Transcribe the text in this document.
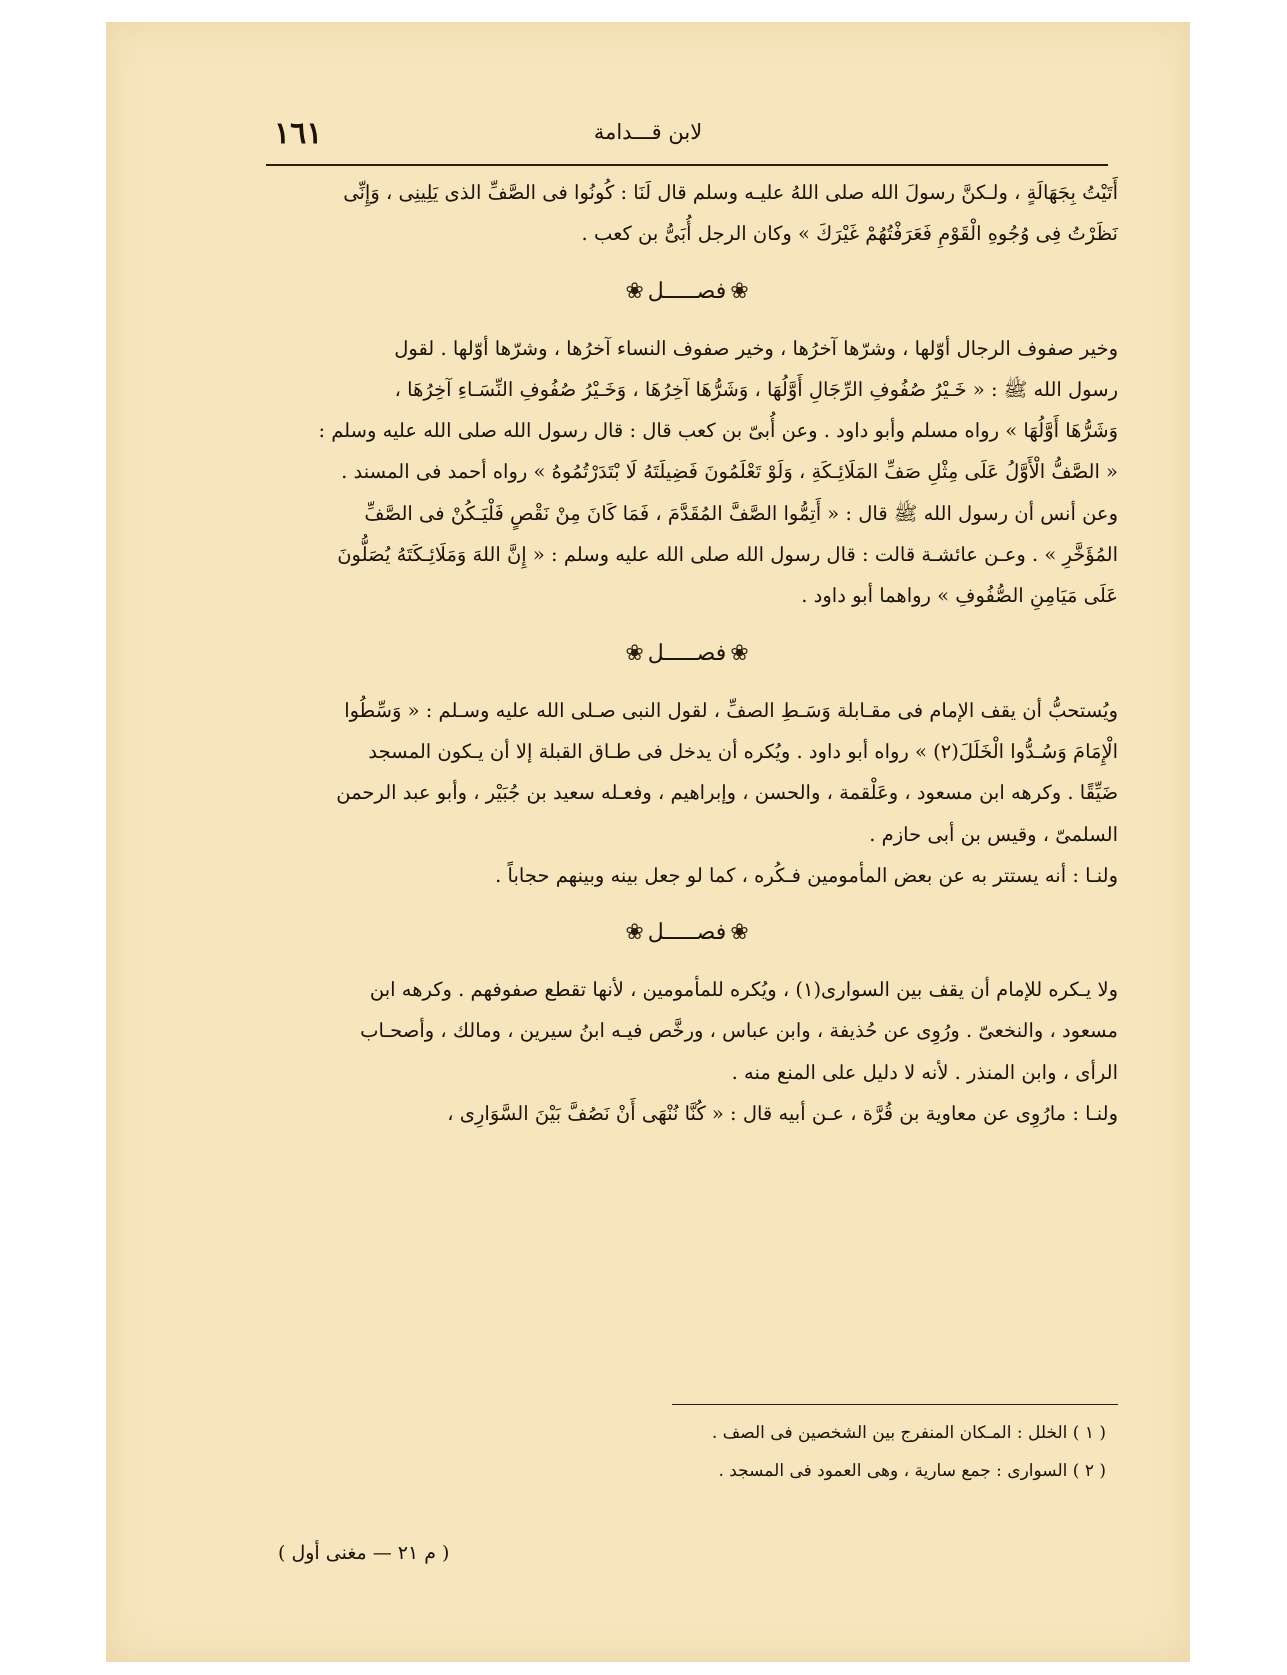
١٦١	لابن قـــدامة
أَتَيْتُ بِجَهَالَةٍ ، ولـكنَّ رسولَ الله صلى اللهُ عليـه وسلم قال لَنَا : كُونُوا فى الصَّفِّ الذى يَلِينِى ، وَإِنِّى
نَظَرْتُ فِى وُجُوهِ الْقَوْمِ فَعَرَفْتُهُمْ غَيْرَكَ » وكان الرجل أُبَىُّ بن كعب .
❀فصـــــل❀
وخير صفوف الرجال أوّلها ، وشرّها آخرُها ، وخير صفوف النساء آخرُها ، وشرّها أوّلها . لقول
رسول الله ﷺ : « خَـيْرُ صُفُوفِ الرِّجَالِ أَوَّلُهَا ، وَشَرُّهَا آخِرُهَا ، وَخَـيْرُ صُفُوفِ النِّسَـاءِ آخِرُهَا ،
وَشَرُّهَا أَوَّلُهَا » رواه مسلم وأبو داود . وعن أُبىّ بن كعب قال : قال رسول الله صلى الله عليه وسلم :
« الصَّفُّ الْأَوَّلُ عَلَى مِثْلِ صَفِّ المَلَائِـكَةِ ، وَلَوْ تَعْلَمُونَ فَضِيلَتَهُ لَا بْتَدَرْتُمُوهُ » رواه أحمد فى المسند .
وعن أنس أن رسول الله ﷺ قال : « أَتِمُّوا الصَّفَّ المُقَدَّمَ ، فَمَا كَانَ مِنْ نَقْصٍ فَلْيَـكُنْ فى الصَّفِّ
المُؤَخَّرِ » . وعـن عائشـة قالت : قال رسول الله صلى الله عليه وسلم : « إِنَّ اللهَ وَمَلَائِـكَتَهُ يُصَلُّونَ
عَلَى مَيَامِنِ الصُّفُوفِ » رواهما أبو داود .
❀فصـــــل❀
ويُستحبُّ أن يقف الإمام فى مقـابلة وَسَـطِ الصفِّ ، لقول النبى صـلى الله عليه وسـلم : « وَسِّطُوا
الْإِمَامَ وَسُـدُّوا الْخَلَلَ(٢) » رواه أبو داود . ويُكره أن يدخل فى طـاق القبلة إلا أن يـكون المسجد
ضَيِّقًا . وكرهه ابن مسعود ، وعَلْقمة ، والحسن ، وإبراهيم ، وفعـله سعيد بن جُبَيْر ، وأبو عبد الرحمن
السلمىّ ، وقيس بن أبى حازم .
ولنـا : أنه يستتر به عن بعض المأمومين فـكُره ، كما لو جعل بينه وبينهم حجاباً .
❀فصـــــل❀
ولا يـكره للإمام أن يقف بين السوارى(١) ، ويُكره للمأمومين ، لأنها تقطع صفوفهم . وكرهه ابن
مسعود ، والنخعىّ . ورُوِى عن حُذيفة ، وابن عباس ، ورخَّص فيـه ابنُ سيرين ، ومالك ، وأصحـاب
الرأى ، وابن المنذر . لأنه لا دليل على المنع منه .
ولنـا : مارُوِى عن معاوية بن قُرَّة ، عـن أبيه قال : « كُنَّا نُنْهَى أَنْ نَصُفَّ بَيْنَ السَّوَارِى ،
( ١ ) الخلل : المـكان المنفرج بين الشخصين فى الصف .
( ٢ ) السوارى : جمع سارية ، وهى العمود فى المسجد .
( م ٢١ — مغنى أول )
